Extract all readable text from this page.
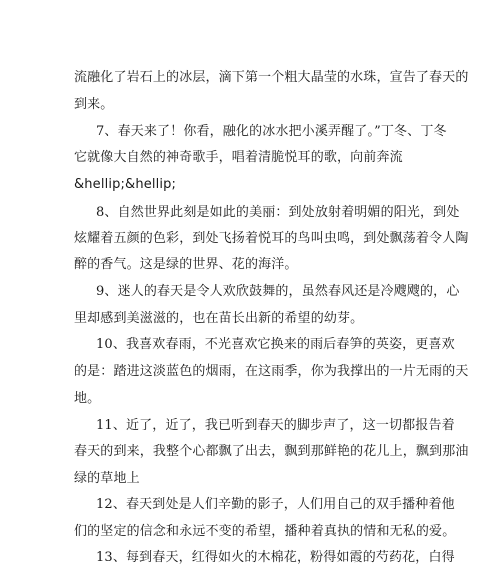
流融化了岩石上的冰层，滴下第一个粗大晶莹的水珠，宣告了春天的
到来。
7、春天来了！你看，融化的冰水把小溪弄醒了。”丁冬、丁冬
它就像大自然的神奇歌手，唱着清脆悦耳的歌，向前奔流
&hellip;&hellip;
8、自然世界此刻是如此的美丽：到处放射着明媚的阳光，到处
炫耀着五颜的色彩，到处飞扬着悦耳的鸟叫虫鸣，到处飘荡着令人陶
醉的香气。这是绿的世界、花的海洋。
9、迷人的春天是令人欢欣鼓舞的，虽然春风还是冷飕飕的，心
里却感到美滋滋的，也在苗长出新的希望的幼芽。
10、我喜欢春雨，不光喜欢它换来的雨后春笋的英姿，更喜欢
的是：踏进这淡蓝色的烟雨，在这雨季，你为我撑出的一片无雨的天
地。
11、近了，近了，我已听到春天的脚步声了，这一切都报告着
春天的到来，我整个心都飘了出去，飘到那鲜艳的花儿上，飘到那油
绿的草地上
12、春天到处是人们辛勤的影子，人们用自己的双手播种着他
们的坚定的信念和永远不变的希望，播种着真执的情和无私的爱。
13、每到春天，红得如火的木棉花，粉得如霞的芍药花，白得
